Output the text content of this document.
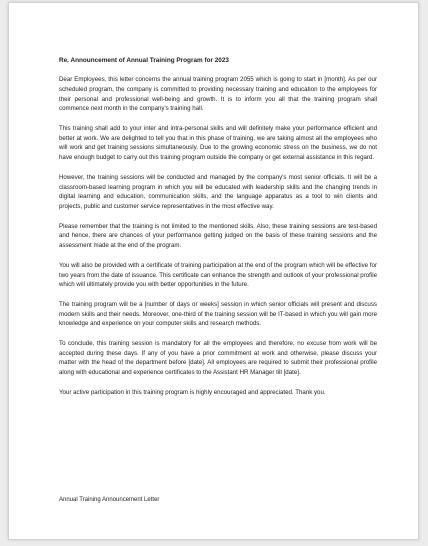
Re. Announcement of Annual Training Program for 2023

Dear Employees, this letter concerns the annual training program 2055 which is going to start in [month]. As per our scheduled program, the company is committed to providing necessary training and education to the employees for their personal and professional well-being and growth. It is to inform you all that the training program shall commence next month in the company's training hall.

This training shall add to your inter and intra-personal skills and will definitely make your performance efficient and better at work. We are delighted to tell you that in this phase of training, we are taking almost all the employees who will work and get training sessions simultaneously. Due to the growing economic stress on the business, we do not have enough budget to carry out this training program outside the company or get external assistance in this regard.

However, the training sessions will be conducted and managed by the company's most senior officials. It will be a classroom-based learning program in which you will be educated with leadership skills and the changing trends in digital learning and education, communication skills, and the language apparatus as a tool to win clients and projects, public and customer service representatives in the most effective way.

Please remember that the training is not limited to the mentioned skills. Also, these training sessions are test-based and hence, there are chances of your performance getting judged on the basis of these training sessions and the assessment made at the end of the program.

You will also be provided with a certificate of training participation at the end of the program which will be effective for two years from the date of issuance. This certificate can enhance the strength and outlook of your professional profile which will ultimately provide you with better opportunities in the future.

The training program will be a [number of days or weeks] session in which senior officials will present and discuss modern skills and their needs. Moreover, one-third of the training session will be IT-based in which you will gain more knowledge and experience on your computer skills and research methods.

To conclude, this training session is mandatory for all the employees and therefore, no excuse from work will be accepted during these days. If any of you have a prior commitment at work and otherwise, please discuss your matter with the head of the department before [date]. All employees are required to submit their professional profile along with educational and experience certificates to the Assistant HR Manager till [date].

Your active participation in this training program is highly encouraged and appreciated. Thank you.

Annual Training Announcement Letter
